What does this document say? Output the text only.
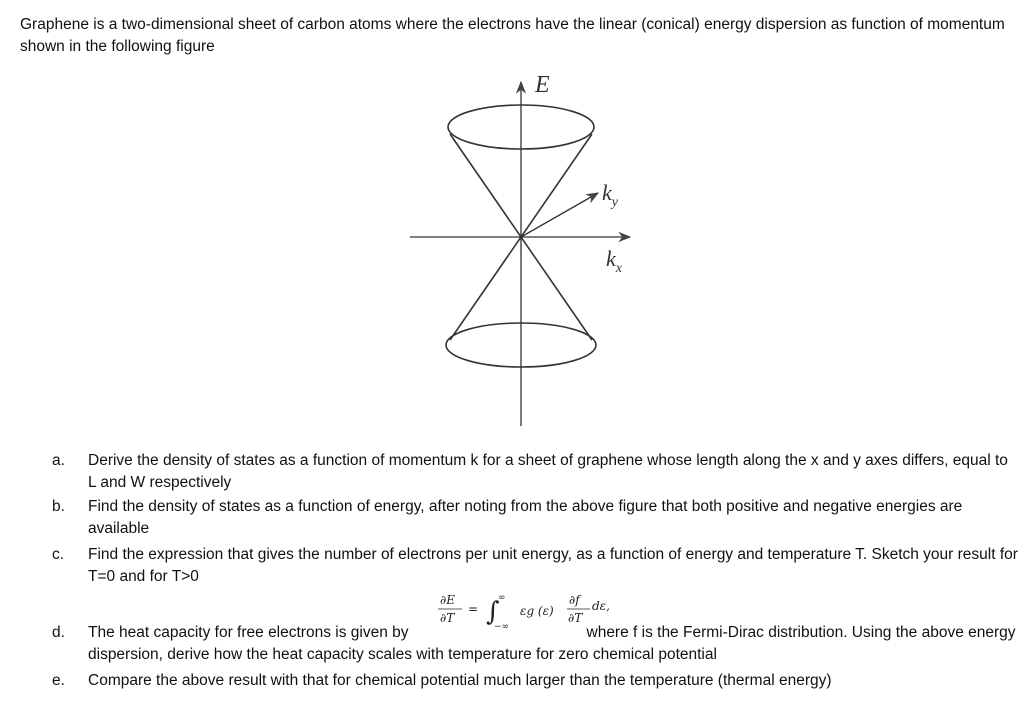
Graphene is a two-dimensional sheet of carbon atoms where the electrons have the linear (conical) energy dispersion as function of momentum shown in the following figure
E
$k_y$
$k_x$
a.	Derive the density of states as a function of momentum k for a sheet of graphene whose length along the x and y axes differs, equal to L and W respectively
b.	Find the density of states as a function of energy, after noting from the above figure that both positive and negative energies are available
c.	Find the expression that gives the number of electrons per unit energy, as a function of energy and temperature T. Sketch your result for T=0 and for T>0
∂E
∂T
= ∫
∞
−∞
εg (ε)
∂f
∂T
dε,
d.	The heat capacity for free electrons is given by	where f is the Fermi-Dirac distribution. Using the above energy dispersion, derive how the heat capacity scales with temperature for zero chemical potential
e.	Compare the above result with that for chemical potential much larger than the temperature (thermal energy)
